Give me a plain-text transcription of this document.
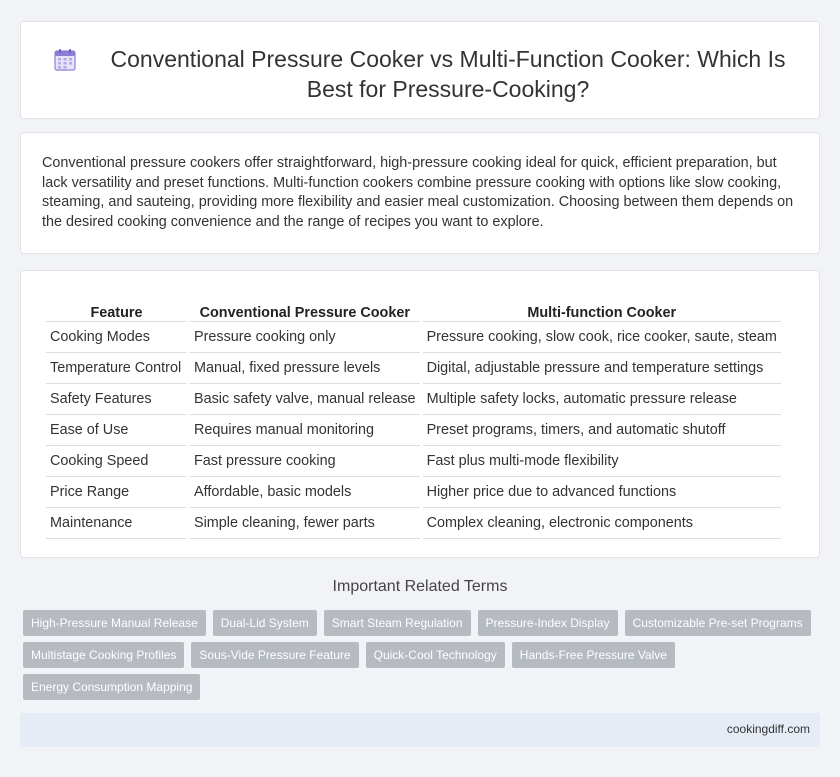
Conventional Pressure Cooker vs Multi-Function Cooker: Which Is Best for Pressure-Cooking?

Conventional pressure cookers offer straightforward, high-pressure cooking ideal for quick, efficient preparation, but lack versatility and preset functions. Multi-function cookers combine pressure cooking with options like slow cooking, steaming, and sauteing, providing more flexibility and easier meal customization. Choosing between them depends on the desired cooking convenience and the range of recipes you want to explore.

Feature	Conventional Pressure Cooker	Multi-function Cooker
Cooking Modes	Pressure cooking only	Pressure cooking, slow cook, rice cooker, saute, steam
Temperature Control	Manual, fixed pressure levels	Digital, adjustable pressure and temperature settings
Safety Features	Basic safety valve, manual release	Multiple safety locks, automatic pressure release
Ease of Use	Requires manual monitoring	Preset programs, timers, and automatic shutoff
Cooking Speed	Fast pressure cooking	Fast plus multi-mode flexibility
Price Range	Affordable, basic models	Higher price due to advanced functions
Maintenance	Simple cleaning, fewer parts	Complex cleaning, electronic components
Important Related Terms
High-Pressure Manual Release	Dual-Lid System	Smart Steam Regulation	Pressure-Index Display	Customizable Pre-set Programs
Multistage Cooking Profiles	Sous-Vide Pressure Feature	Quick-Cool Technology	Hands-Free Pressure Valve
Energy Consumption Mapping
cookingdiff.com
